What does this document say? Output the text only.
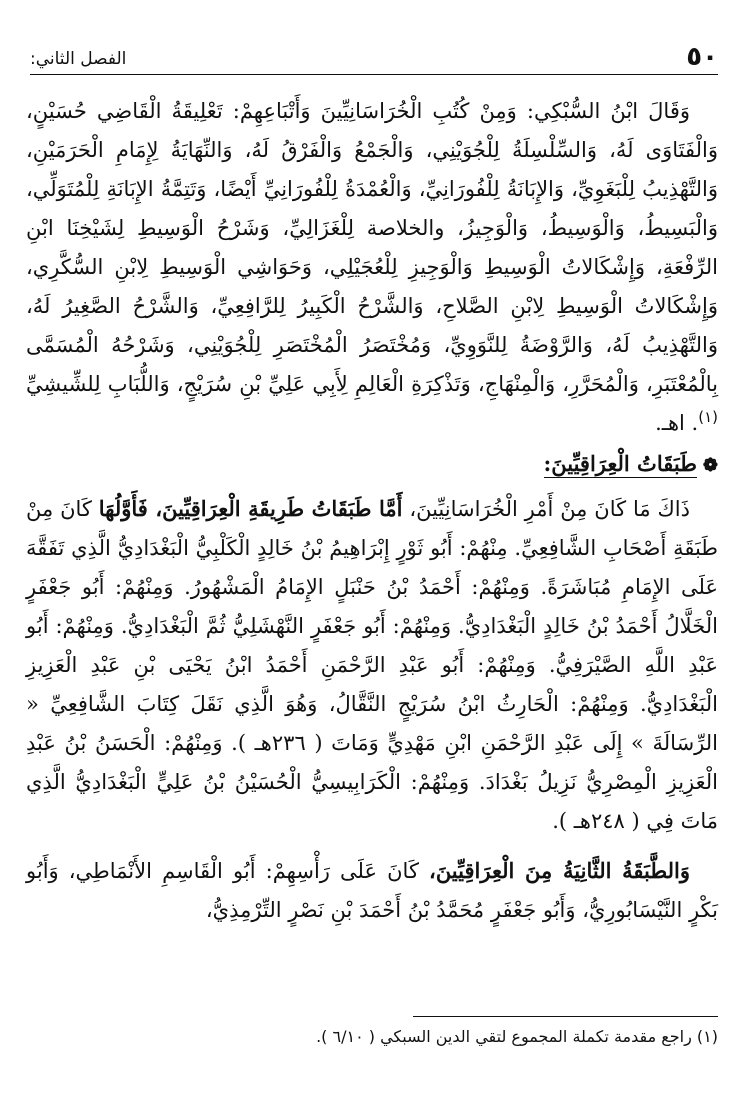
٥٠
الفصل الثاني:

وَقَالَ ابْنُ السُّبْكِي: وَمِنْ كُتُبِ الْخُرَاسَانِيِّينَ وَأَتْبَاعِهِمْ: تَعْلِيقَةُ الْقَاضِي حُسَيْنٍ، وَالْفَتَاوَى لَهُ، وَالسِّلْسِلَةُ لِلْجُوَيْنِي، وَالْجَمْعُ وَالْفَرْقُ لَهُ، وَالنِّهَايَةُ لِإِمَامِ الْحَرَمَيْنِ، وَالتَّهْذِيبُ لِلْبَغَوِيِّ، وَالإِبَانَةُ لِلْفُورَانِيِّ، وَالْعُمْدَةُ لِلْفُورَانِيِّ أَيْضًا، وَتَتِمَّةُ الإِبَانَةِ لِلْمُتَوَلِّي، وَالْبَسِيطُ، وَالْوَسِيطُ، وَالْوَجِيزُ، والخلاصة لِلْغَزَالِيِّ، وَشَرْحُ الْوَسِيطِ لِشَيْخِنَا ابْنِ الرِّفْعَةِ، وَإِشْكَالاتُ الْوَسِيطِ وَالْوَجِيزِ لِلْعُجَيْلِي، وَحَوَاشِي الْوَسِيطِ لِابْنِ السُّكَّرِي، وَإِشْكَالاتُ الْوَسِيطِ لِابْنِ الصَّلاحِ، وَالشَّرْحُ الْكَبِيرُ لِلرَّافِعِيِّ، وَالشَّرْحُ الصَّغِيرُ لَهُ، وَالتَّهْذِيبُ لَهُ، وَالرَّوْضَةُ لِلنَّوَوِيِّ، وَمُخْتَصَرُ الْمُخْتَصَرِ لِلْجُوَيْنِي، وَشَرْحُهُ الْمُسَمَّى بِالْمُعْتَبَرِ، وَالْمُحَرَّرِ، وَالْمِنْهَاجِ، وَتَذْكِرَةِ الْعَالِمِ لِأَبِي عَلِيِّ بْنِ سُرَيْجٍ، وَاللُّبَابِ لِلشِّيشِيِّ $^{(١)}$. اهـ.

❁طَبَقَاتُ الْعِرَاقِيِّينَ:

ذَاكَ مَا كَانَ مِنْ أَمْرِ الْخُرَاسَانِيِّينَ، أَمَّا طَبَقَاتُ طَرِيقَةِ الْعِرَاقِيِّينَ، فَأَوَّلُهَا كَانَ مِنْ طَبَقَةِ أَصْحَابِ الشَّافِعِيِّ. مِنْهُمْ: أَبُو ثَوْرٍ إِبْرَاهِيمُ بْنُ خَالِدٍ الْكَلْبِيُّ الْبَغْدَادِيُّ الَّذِي تَفَقَّهَ عَلَى الإِمَامِ مُبَاشَرَةً. وَمِنْهُمْ: أَحْمَدُ بْنُ حَنْبَلٍ الإِمَامُ الْمَشْهُورُ. وَمِنْهُمْ: أَبُو جَعْفَرٍ الْخَلَّالُ أَحْمَدُ بْنُ خَالِدٍ الْبَغْدَادِيُّ. وَمِنْهُمْ: أَبُو جَعْفَرٍ النَّهْشَلِيُّ ثُمَّ الْبَغْدَادِيُّ. وَمِنْهُمْ: أَبُو عَبْدِ اللَّهِ الصَّيْرَفِيُّ. وَمِنْهُمْ: أَبُو عَبْدِ الرَّحْمَنِ أَحْمَدُ ابْنُ يَحْيَى بْنِ عَبْدِ الْعَزِيزِ الْبَغْدَادِيُّ. وَمِنْهُمْ: الْحَارِثُ ابْنُ سُرَيْجٍ النَّقَّالُ، وَهُوَ الَّذِي نَقَلَ كِتَابَ الشَّافِعِيِّ « الرِّسَالَةَ » إِلَى عَبْدِ الرَّحْمَنِ ابْنِ مَهْدِيٍّ وَمَاتَ ( ٢٣٦هـ ). وَمِنْهُمْ: الْحَسَنُ بْنُ عَبْدِ الْعَزِيزِ الْمِصْرِيُّ نَزِيلُ بَغْدَادَ. وَمِنْهُمْ: الْكَرَابِيسِيُّ الْحُسَيْنُ بْنُ عَلِيٍّ الْبَغْدَادِيُّ الَّذِي مَاتَ فِي ( ٢٤٨هـ ).

وَالطَّبَقَةُ الثَّانِيَةُ مِنَ الْعِرَاقِيِّينَ، كَانَ عَلَى رَأْسِهِمْ: أَبُو الْقَاسِمِ الأَنْمَاطِي، وَأَبُو بَكْرٍ النَّيْسَابُورِيُّ، وَأَبُو جَعْفَرٍ مُحَمَّدُ بْنُ أَحْمَدَ بْنِ نَصْرٍ التِّرْمِذِيُّ،

(١) راجع مقدمة تكملة المجموع لتقي الدين السبكي ( ٦/١٠ ).
